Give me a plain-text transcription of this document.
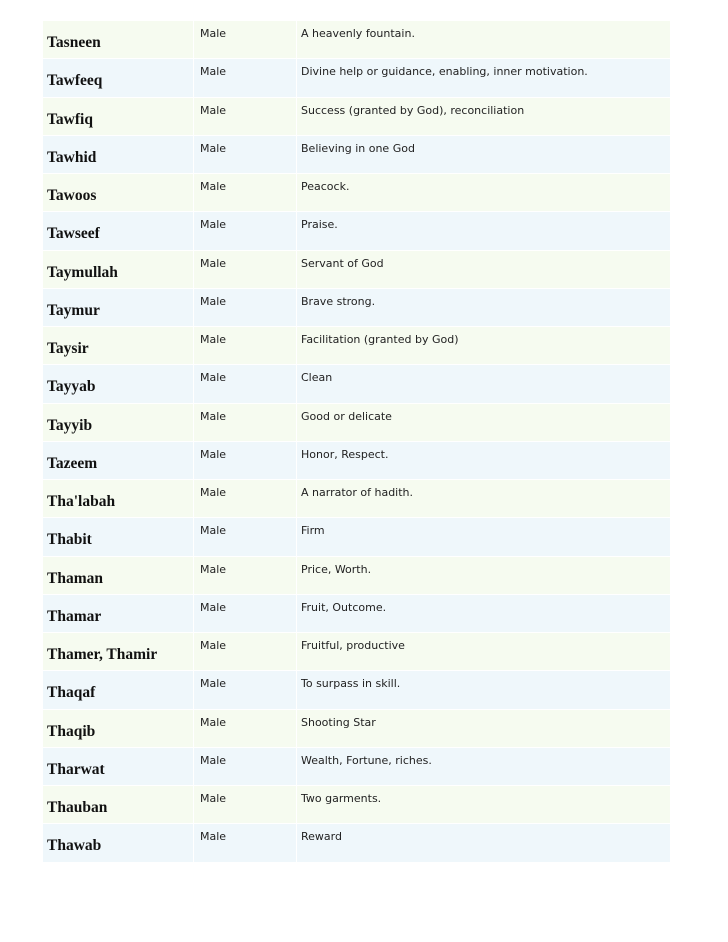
Tasneen	Male	A heavenly fountain.

Tawfeeq	Male	Divine help or guidance, enabling, inner motivation.

Tawfiq	Male	Success (granted by God), reconciliation

Tawhid	Male	Believing in one God

Tawoos	Male	Peacock.

Tawseef	Male	Praise.

Taymullah	Male	Servant of God

Taymur	Male	Brave strong.

Taysir	Male	Facilitation (granted by God)

Tayyab	Male	Clean

Tayyib	Male	Good or delicate

Tazeem	Male	Honor, Respect.

Tha'labah	Male	A narrator of hadith.

Thabit	Male	Firm

Thaman	Male	Price, Worth.

Thamar	Male	Fruit, Outcome.

Thamer, Thamir	Male	Fruitful, productive

Thaqaf	Male	To surpass in skill.

Thaqib	Male	Shooting Star

Tharwat	Male	Wealth, Fortune, riches.

Thauban	Male	Two garments.

Thawab	Male	Reward
